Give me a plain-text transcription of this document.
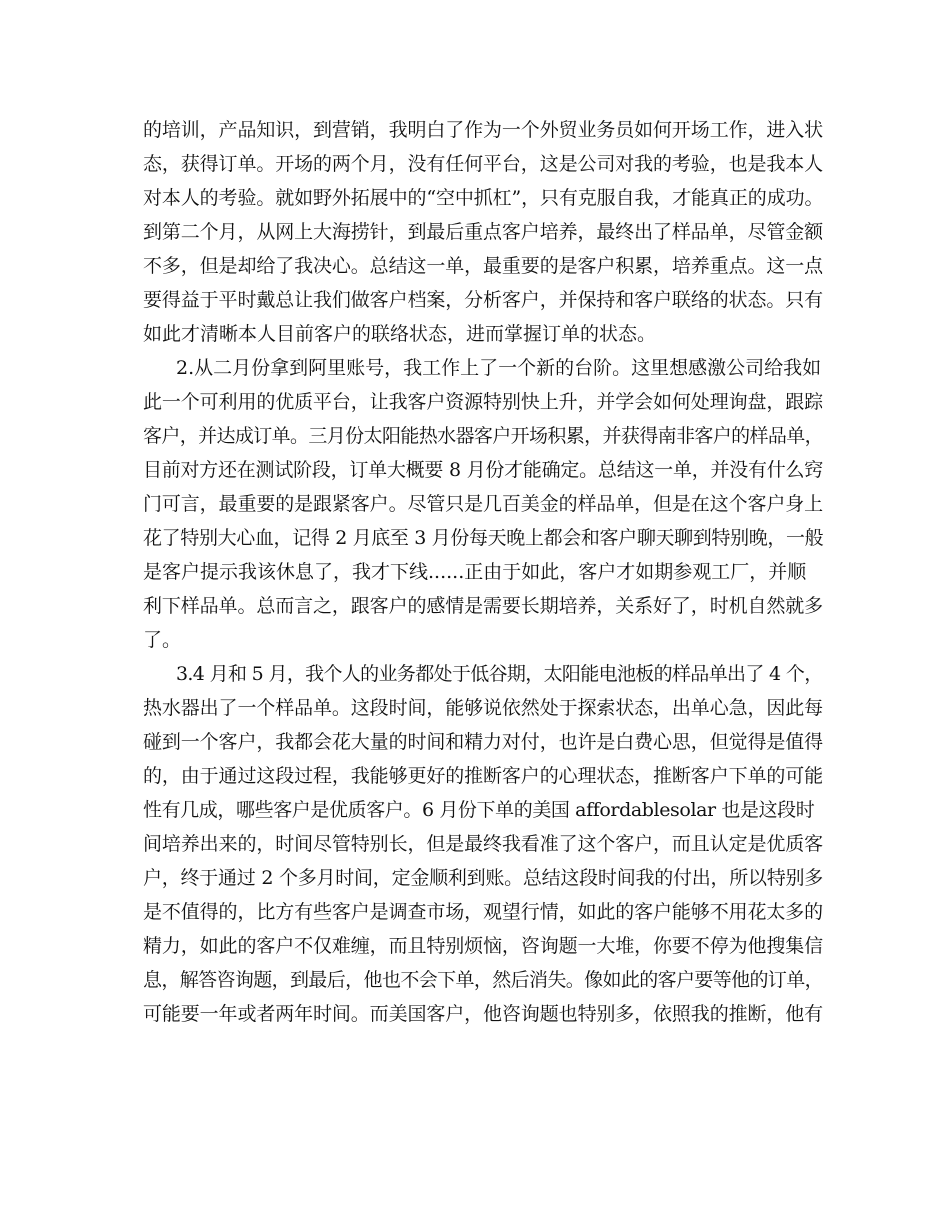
的培训，产品知识，到营销，我明白了作为一个外贸业务员如何开场工作，进入状
态，获得订单。开场的两个月，没有任何平台，这是公司对我的考验，也是我本人
对本人的考验。就如野外拓展中的“空中抓杠”，只有克服自我，才能真正的成功。
到第二个月，从网上大海捞针，到最后重点客户培养，最终出了样品单，尽管金额
不多，但是却给了我决心。总结这一单，最重要的是客户积累，培养重点。这一点
要得益于平时戴总让我们做客户档案，分析客户，并保持和客户联络的状态。只有
如此才清晰本人目前客户的联络状态，进而掌握订单的状态。
2.从二月份拿到阿里账号，我工作上了一个新的台阶。这里想感激公司给我如
此一个可利用的优质平台，让我客户资源特别快上升，并学会如何处理询盘，跟踪
客户，并达成订单。三月份太阳能热水器客户开场积累，并获得南非客户的样品单，
目前对方还在测试阶段，订单大概要 8 月份才能确定。总结这一单，并没有什么窍
门可言，最重要的是跟紧客户。尽管只是几百美金的样品单，但是在这个客户身上
花了特别大心血，记得 2 月底至 3 月份每天晚上都会和客户聊天聊到特别晚，一般
是客户提示我该休息了，我才下线......正由于如此，客户才如期参观工厂，并顺
利下样品单。总而言之，跟客户的感情是需要长期培养，关系好了，时机自然就多
了。
3.4 月和 5 月，我个人的业务都处于低谷期，太阳能电池板的样品单出了 4 个，
热水器出了一个样品单。这段时间，能够说依然处于探索状态，出单心急，因此每
碰到一个客户，我都会花大量的时间和精力对付，也许是白费心思，但觉得是值得
的，由于通过这段过程，我能够更好的推断客户的心理状态，推断客户下单的可能
性有几成，哪些客户是优质客户。6 月份下单的美国 affordablesolar 也是这段时
间培养出来的，时间尽管特别长，但是最终我看准了这个客户，而且认定是优质客
户，终于通过 2 个多月时间，定金顺利到账。总结这段时间我的付出，所以特别多
是不值得的，比方有些客户是调查市场，观望行情，如此的客户能够不用花太多的
精力，如此的客户不仅难缠，而且特别烦恼，咨询题一大堆，你要不停为他搜集信
息，解答咨询题，到最后，他也不会下单，然后消失。像如此的客户要等他的订单，
可能要一年或者两年时间。而美国客户，他咨询题也特别多，依照我的推断，他有
